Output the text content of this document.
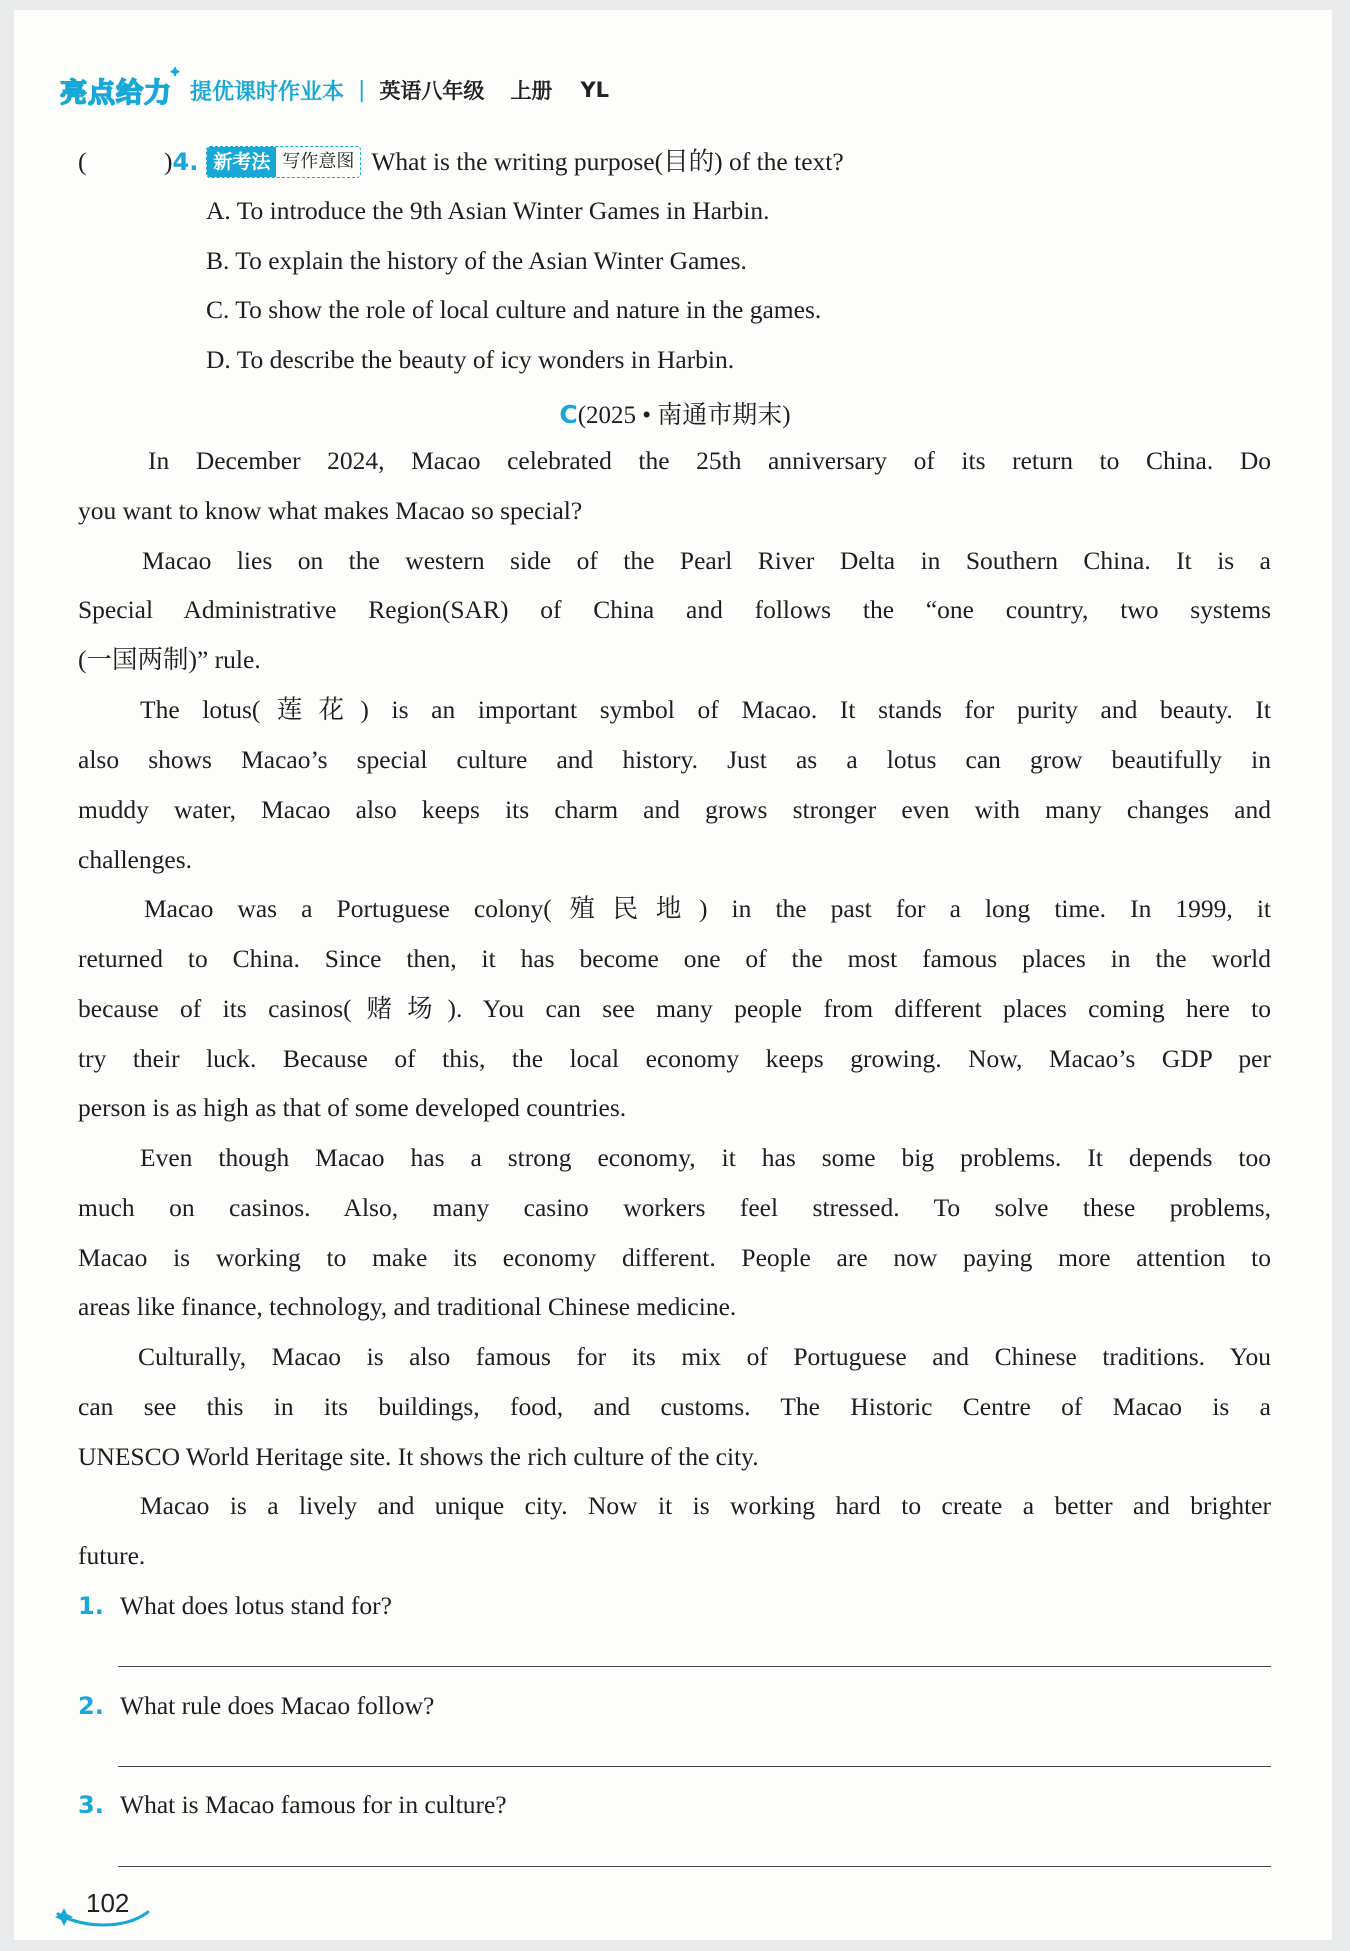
亮点给力
✦
提优课时作业本 | 英语八年级 上册 YL
(	) 4. 新考法 写作意图 What is the writing purpose(目的) of the text?
A. To introduce the 9th Asian Winter Games in Harbin.
B. To explain the history of the Asian Winter Games.
C. To show the role of local culture and nature in the games.
D. To describe the beauty of icy wonders in Harbin.
C(2025 • 南通市期末)
In December 2024, Macao celebrated the 25th anniversary of its return to China. Do
you want to know what makes Macao so special?
Macao lies on the western side of the Pearl River Delta in Southern China. It is a
Special Administrative Region(SAR) of China and follows the “one country, two systems
(一国两制)” rule.
The lotus(莲花) is an important symbol of Macao. It stands for purity and beauty. It
also shows Macao’s special culture and history. Just as a lotus can grow beautifully in
muddy water, Macao also keeps its charm and grows stronger even with many changes and
challenges.
Macao was a Portuguese colony(殖民地) in the past for a long time. In 1999, it
returned to China. Since then, it has become one of the most famous places in the world
because of its casinos(赌场). You can see many people from different places coming here to
try their luck. Because of this, the local economy keeps growing. Now, Macao’s GDP per
person is as high as that of some developed countries.
Even though Macao has a strong economy, it has some big problems. It depends too
much on casinos. Also, many casino workers feel stressed. To solve these problems,
Macao is working to make its economy different. People are now paying more attention to
areas like finance, technology, and traditional Chinese medicine.
Culturally, Macao is also famous for its mix of Portuguese and Chinese traditions. You
can see this in its buildings, food, and customs. The Historic Centre of Macao is a
UNESCO World Heritage site. It shows the rich culture of the city.
Macao is a lively and unique city. Now it is working hard to create a better and brighter
future.
1. What does lotus stand for?
2. What rule does Macao follow?
3. What is Macao famous for in culture?
102
